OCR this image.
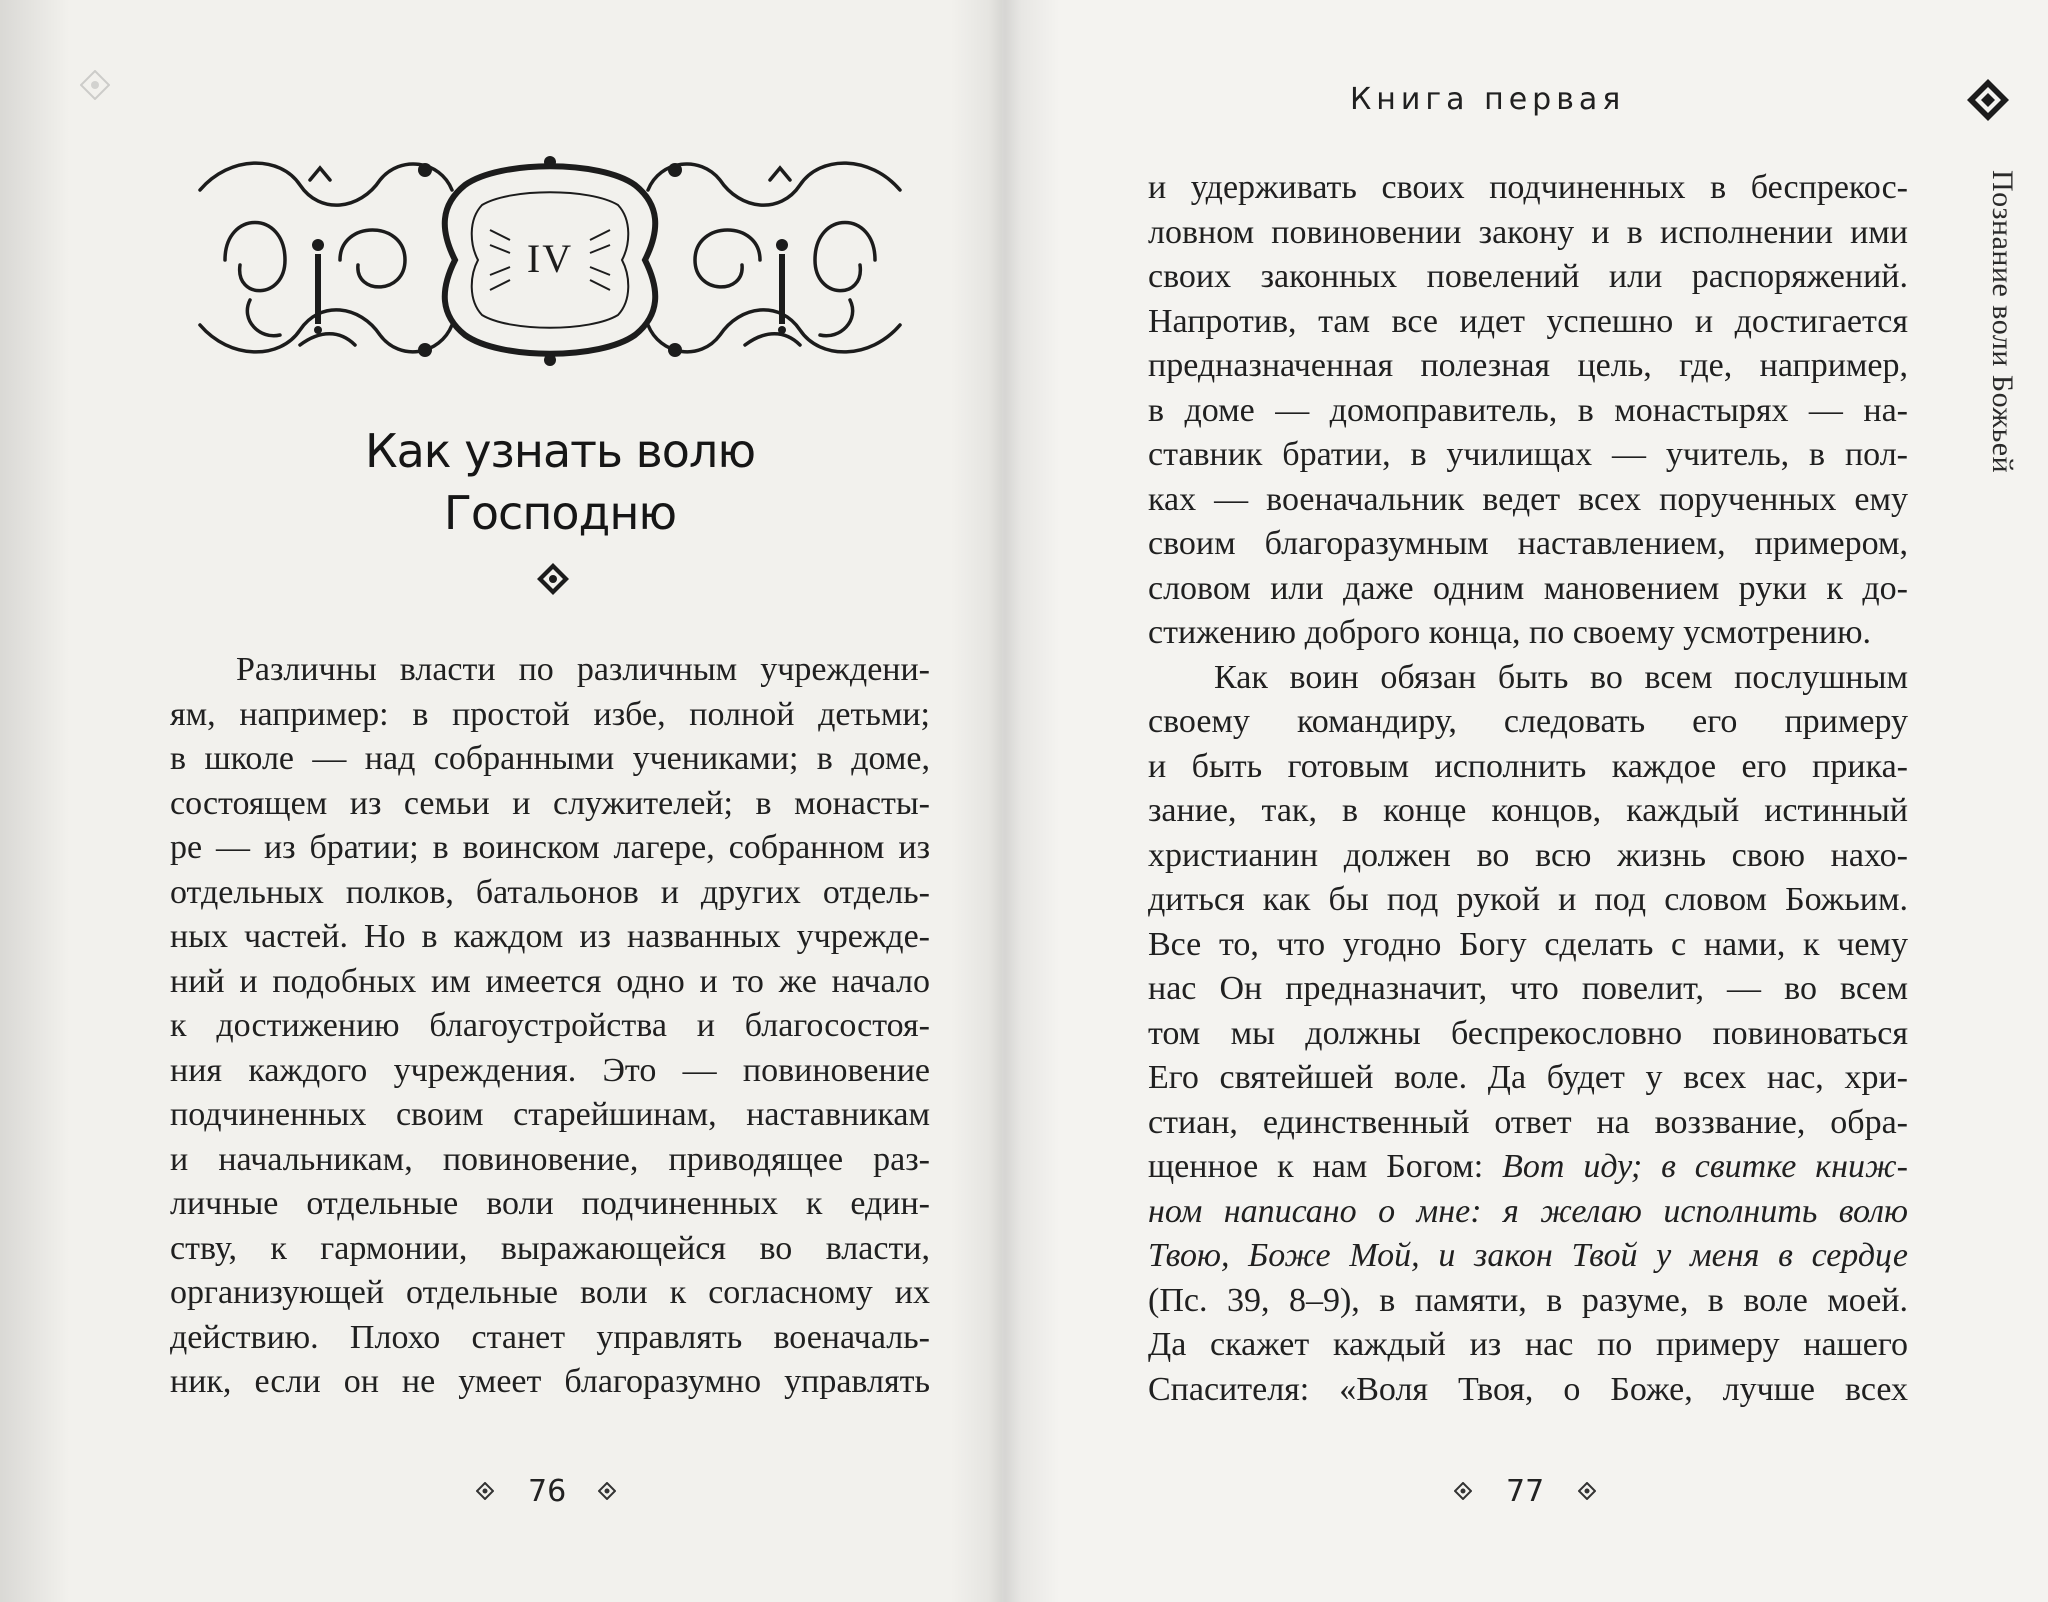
IV
Как узнать волю
Господню
Различны власти по различным учреждени-
ям, например: в простой избе, полной детьми;
в школе — над собранными учениками; в доме,
состоящем из семьи и служителей; в монасты-
ре — из братии; в воинском лагере, собранном из
отдельных полков, батальонов и других отдель-
ных частей. Но в каждом из названных учрежде-
ний и подобных им имеется одно и то же начало
к достижению благоустройства и благосостоя-
ния каждого учреждения. Это — повиновение
подчиненных своим старейшинам, наставникам
и начальникам, повиновение, приводящее раз-
личные отдельные воли подчиненных к един-
ству, к гармонии, выражающейся во власти,
организующей отдельные воли к согласному их
действию. Плохо станет управлять военачаль-
ник, если он не умеет благоразумно управлять
76
Книга первая
Познание воли Божьей
и удерживать своих подчиненных в беспрекос-
ловном повиновении закону и в исполнении ими
своих законных повелений или распоряжений.
Напротив, там все идет успешно и достигается
предназначенная полезная цель, где, например,
в доме — домоправитель, в монастырях — на-
ставник братии, в училищах — учитель, в пол-
ках — военачальник ведет всех порученных ему
своим благоразумным наставлением, примером,
словом или даже одним мановением руки к до-
стижению доброго конца, по своему усмотрению.
Как воин обязан быть во всем послушным
своему командиру, следовать его примеру
и быть готовым исполнить каждое его прика-
зание, так, в конце концов, каждый истинный
христианин должен во всю жизнь свою нахо-
диться как бы под рукой и под словом Божьим.
Все то, что угодно Богу сделать с нами, к чему
нас Он предназначит, что повелит, — во всем
том мы должны беспрекословно повиноваться
Его святейшей воле. Да будет у всех нас, хри-
стиан, единственный ответ на воззвание, обра-
щенное к нам Богом: Вот иду; в свитке книж-
ном написано о мне: я желаю исполнить волю
Твою, Боже Мой, и закон Твой у меня в сердце
(Пс. 39, 8–9), в памяти, в разуме, в воле моей.
Да скажет каждый из нас по примеру нашего
Спасителя: «Воля Твоя, о Боже, лучше всех
77
